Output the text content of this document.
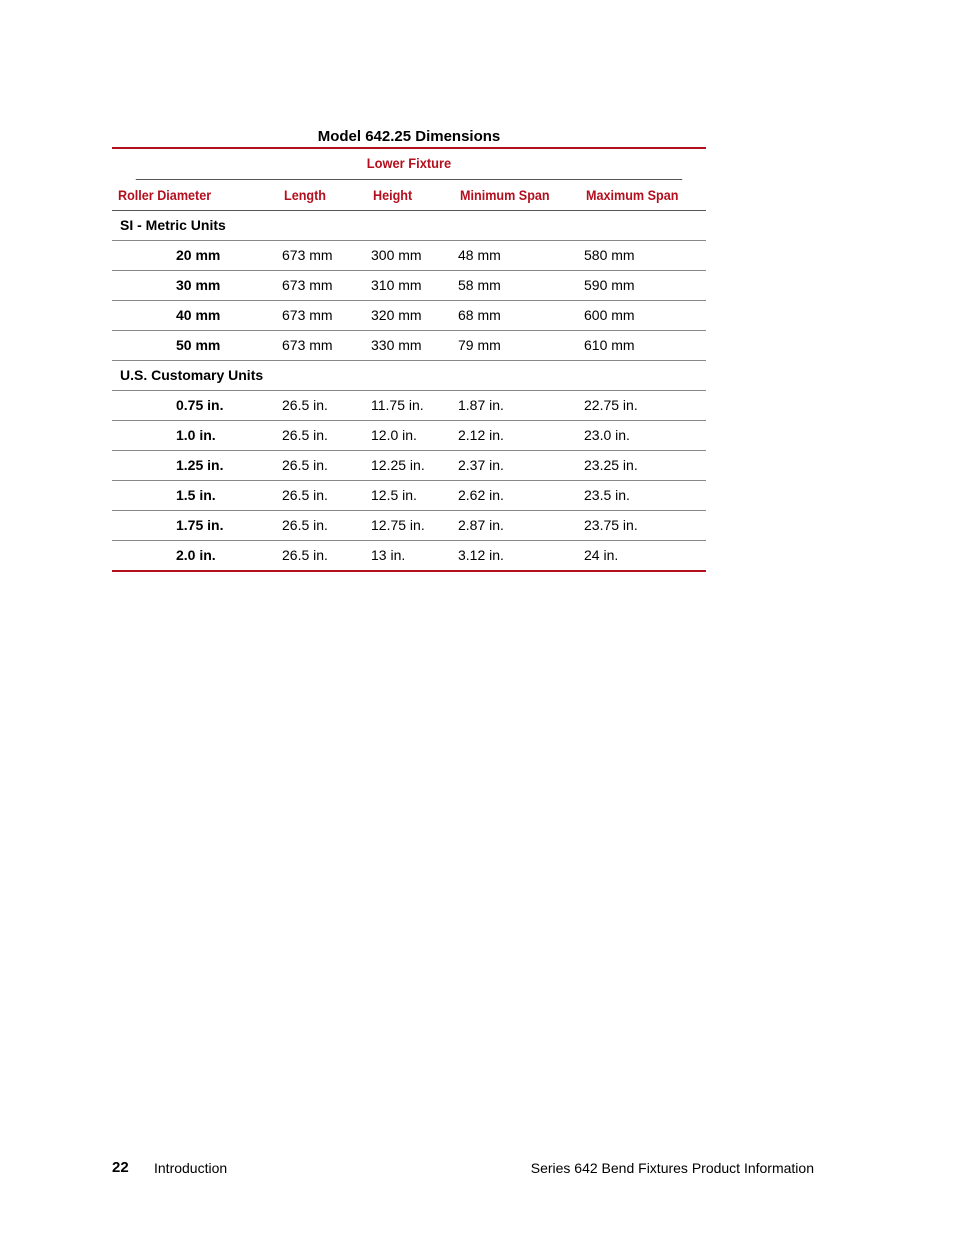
Model 642.25 Dimensions
Lower Fixture
Roller Diameter	Length	Height	Minimum Span	Maximum Span
SI - Metric Units
20 mm	673 mm	300 mm	48 mm	580 mm
30 mm	673 mm	310 mm	58 mm	590 mm
40 mm	673 mm	320 mm	68 mm	600 mm
50 mm	673 mm	330 mm	79 mm	610 mm
U.S. Customary Units
0.75 in.	26.5 in.	11.75 in.	1.87 in.	22.75 in.
1.0 in.	26.5 in.	12.0 in.	2.12 in.	23.0 in.
1.25 in.	26.5 in.	12.25 in.	2.37 in.	23.25 in.
1.5 in.	26.5 in.	12.5 in.	2.62 in.	23.5 in.
1.75 in.	26.5 in.	12.75 in.	2.87 in.	23.75 in.
2.0 in.	26.5 in.	13 in.	3.12 in.	24 in.
22 Introduction	Series 642 Bend Fixtures Product Information
